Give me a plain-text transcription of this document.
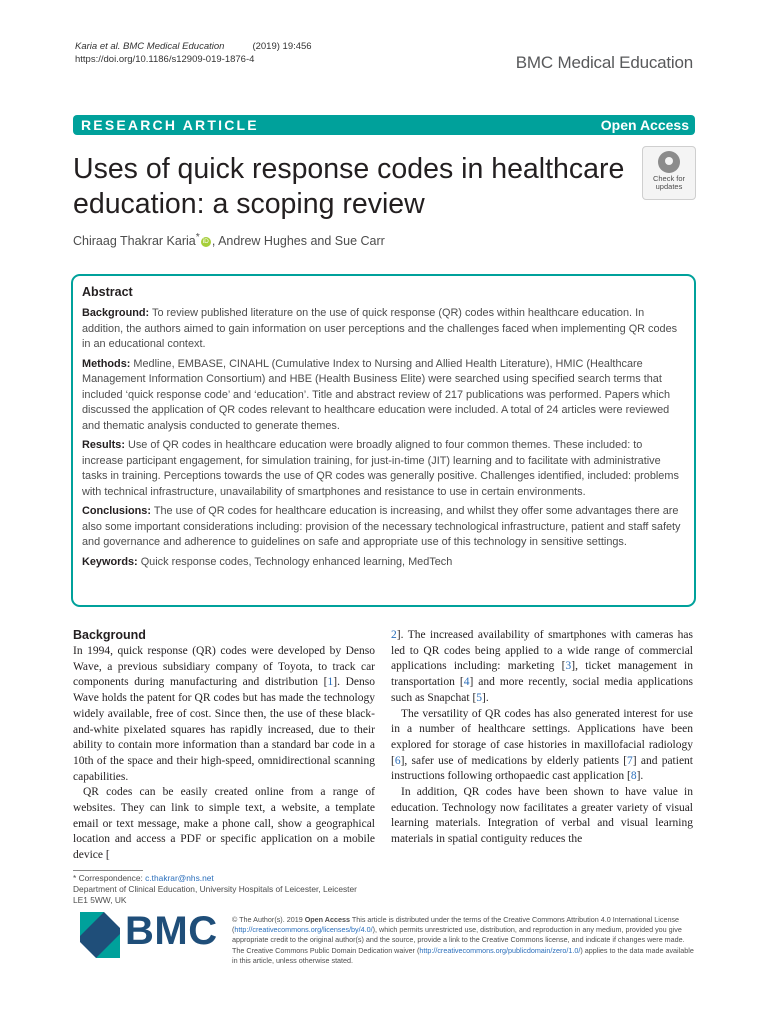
Karia et al. BMC Medical Education	(2019) 19:456
https://doi.org/10.1186/s12909-019-1876-4	BMC Medical Education
RESEARCH ARTICLE	Open Access
Uses of quick response codes in healthcare education: a scoping review
Check for
updates
Chiraag Thakrar Karia* iD , Andrew Hughes and Sue Carr
Abstract

Background: To review published literature on the use of quick response (QR) codes within healthcare education. In addition, the authors aimed to gain information on user perceptions and the challenges faced when implementing QR codes in an educational context.

Methods: Medline, EMBASE, CINAHL (Cumulative Index to Nursing and Allied Health Literature), HMIC (Healthcare Management Information Consortium) and HBE (Health Business Elite) were searched using specified search terms that included ‘quick response code’ and ‘education’. Title and abstract review of 217 publications was performed. Papers which discussed the application of QR codes relevant to healthcare education were included. A total of 24 articles were reviewed and thematic analysis conducted to generate themes.

Results: Use of QR codes in healthcare education were broadly aligned to four common themes. These included: to increase participant engagement, for simulation training, for just-in-time (JIT) learning and to facilitate with administrative tasks in training. Perceptions towards the use of QR codes was generally positive. Challenges identified, included: problems with technical infrastructure, unavailability of smartphones and resistance to use in certain environments.

Conclusions: The use of QR codes for healthcare education is increasing, and whilst they offer some advantages there are also some important considerations including: provision of the necessary technological infrastructure, patient and staff safety and governance and adherence to guidelines on safe and appropriate use of this technology in sensitive settings.

Keywords: Quick response codes, Technology enhanced learning, MedTech

Background

In 1994, quick response (QR) codes were developed by Denso Wave, a previous subsidiary company of Toyota, to track car components during manufacturing and distribution [1]. Denso Wave holds the patent for QR codes but has made the technology widely available, free of cost. Since then, the use of these black-and-white pixelated squares has rapidly increased, due to their ability to contain more information than a standard bar code in a 10th of the space and their high-speed, omnidirectional scanning capabilities.

QR codes can be easily created online from a range of websites. They can link to simple text, a website, a template email or text message, make a phone call, show a geographical location and access a PDF or specific application on a mobile device [

2]. The increased availability of smartphones with cameras has led to QR codes being applied to a wide range of commercial applications including: marketing [3], ticket management in transportation [4] and more recently, social media applications such as Snapchat [5].

The versatility of QR codes has also generated interest for use in a number of healthcare settings. Applications have been explored for storage of case histories in maxillofacial radiology [6], safer use of medications by elderly patients [7] and patient instructions following orthopaedic cast application [8].

In addition, QR codes have been shown to have value in education. Technology now facilitates a greater variety of visual learning materials. Integration of verbal and visual learning materials in spatial contiguity reduces the

* Correspondence: c.thakrar@nhs.net
Department of Clinical Education, University Hospitals of Leicester, Leicester LE1 5WW, UK
BMC © The Author(s). 2019 Open Access This article is distributed under the terms of the Creative Commons Attribution 4.0 International License (http://creativecommons.org/licenses/by/4.0/), which permits unrestricted use, distribution, and reproduction in any medium, provided you give appropriate credit to the original author(s) and the source, provide a link to the Creative Commons license, and indicate if changes were made. The Creative Commons Public Domain Dedication waiver (http://creativecommons.org/publicdomain/zero/1.0/) applies to the data made available in this article, unless otherwise stated.
